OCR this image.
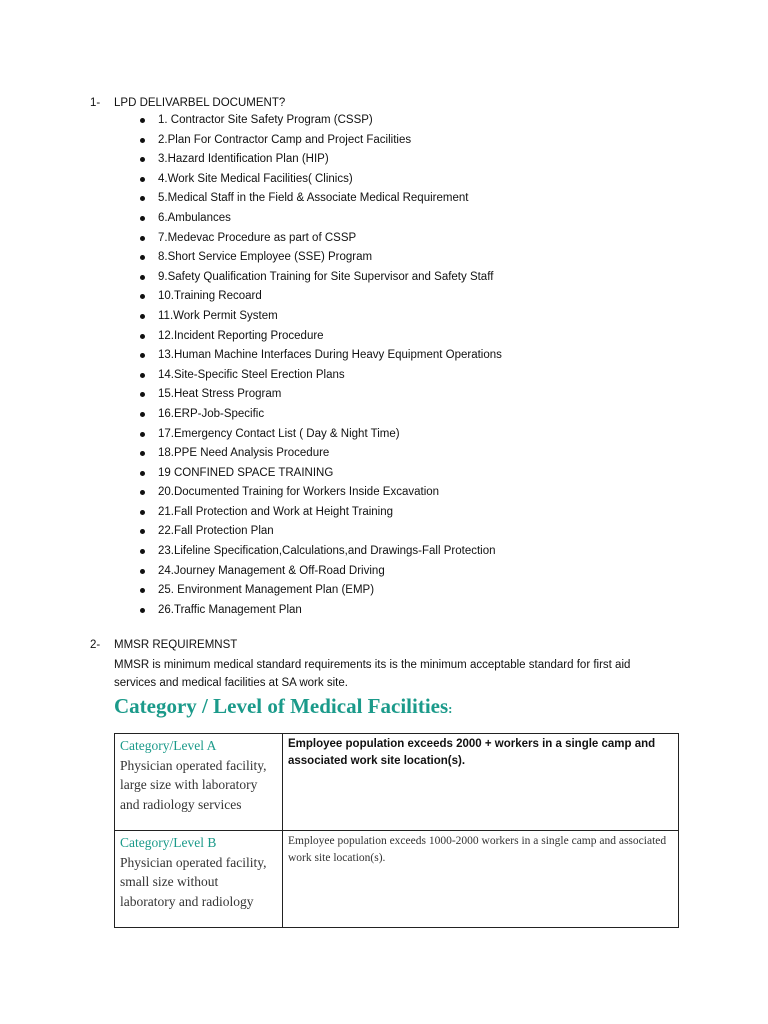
1- LPD DELIVARBEL DOCUMENT?
1. Contractor Site Safety Program (CSSP)
2.Plan For Contractor Camp and Project Facilities
3.Hazard Identification Plan (HIP)
4.Work Site Medical Facilities( Clinics)
5.Medical Staff in the Field & Associate Medical Requirement
6.Ambulances
7.Medevac Procedure as part of CSSP
8.Short Service Employee (SSE) Program
9.Safety Qualification Training for Site Supervisor and Safety Staff
10.Training Recoard
11.Work Permit System
12.Incident Reporting Procedure
13.Human Machine Interfaces During Heavy Equipment Operations
14.Site-Specific Steel Erection Plans
15.Heat Stress Program
16.ERP-Job-Specific
17.Emergency Contact List ( Day & Night Time)
18.PPE Need Analysis Procedure
19 CONFINED SPACE TRAINING
20.Documented Training for Workers Inside Excavation
21.Fall Protection and Work at Height Training
22.Fall Protection Plan
23.Lifeline Specification,Calculations,and Drawings-Fall Protection
24.Journey Management & Off-Road Driving
25. Environment Management Plan (EMP)
26.Traffic Management Plan
2- MMSR REQUIREMNST
MMSR is minimum medical standard requirements its is the minimum acceptable standard for first aid services and medical facilities at SA work site.
Category / Level of Medical Facilities:
Category/Level A
Physician operated facility, large size with laboratory and radiology services	Employee population exceeds 2000 + workers in a single camp and associated work site location(s).

Category/Level B
Physician operated facility, small size without laboratory and radiology	Employee population exceeds 1000-2000 workers in a single camp and associated work site location(s).
